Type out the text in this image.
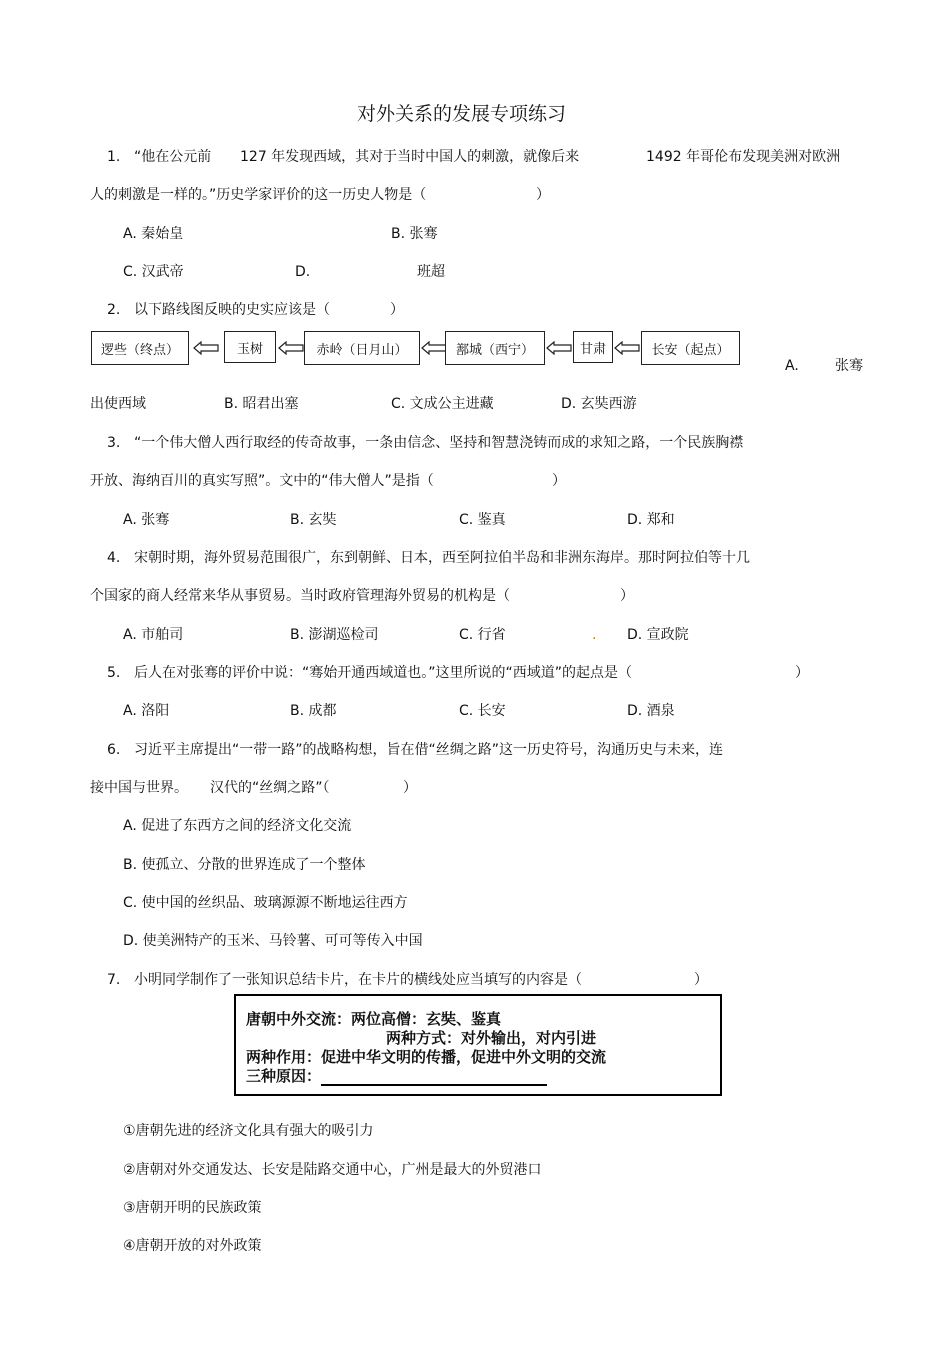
对外关系的发展专项练习
1. “他在公元前 127 年发现西域，其对于当时中国人的刺激，就像后来	1492 年哥伦布发现美洲对欧洲
人的刺激是一样的。”历史学家评价的这一历史人物是（	）
A. 秦始皇	B. 张骞
C. 汉武帝	D.	班超
2. 以下路线图反映的史实应该是（	）
逻些（终点）	玉树	赤岭（日月山）	鄯城（西宁）	甘肃	长安（起点）
A.	张骞
出使西域	B. 昭君出塞	C. 文成公主进藏	D. 玄奘西游
3. “一个伟大僧人西行取经的传奇故事，一条由信念、坚持和智慧浇铸而成的求知之路，一个民族胸襟
开放、海纳百川的真实写照”。文中的“伟大僧人”是指（	）
A. 张骞	B. 玄奘	C. 鉴真	D. 郑和
4. 宋朝时期，海外贸易范围很广，东到朝鲜、日本，西至阿拉伯半岛和非洲东海岸。那时阿拉伯等十几
个国家的商人经常来华从事贸易。当时政府管理海外贸易的机构是（	）
A. 市舶司	B. 澎湖巡检司	C. 行省	. D. 宣政院
5. 后人在对张骞的评价中说：“骞始开通西域道也。”这里所说的“西域道”的起点是（	）
A. 洛阳	B. 成都	C. 长安	D. 酒泉
6. 习近平主席提出“一带一路”的战略构想，旨在借“丝绸之路”这一历史符号，沟通历史与未来，连
接中国与世界。 汉代的“丝绸之路”（	）
A. 促进了东西方之间的经济文化交流
B. 使孤立、分散的世界连成了一个整体
C. 使中国的丝织品、玻璃源源不断地运往西方
D. 使美洲特产的玉米、马铃薯、可可等传入中国
7. 小明同学制作了一张知识总结卡片，在卡片的横线处应当填写的内容是（	）
唐朝中外交流：两位高僧：玄奘、鉴真
两种方式：对外输出，对内引进
两种作用：促进中华文明的传播，促进中外文明的交流
三种原因：
①唐朝先进的经济文化具有强大的吸引力
②唐朝对外交通发达、长安是陆路交通中心，广州是最大的外贸港口
③唐朝开明的民族政策
④唐朝开放的对外政策
